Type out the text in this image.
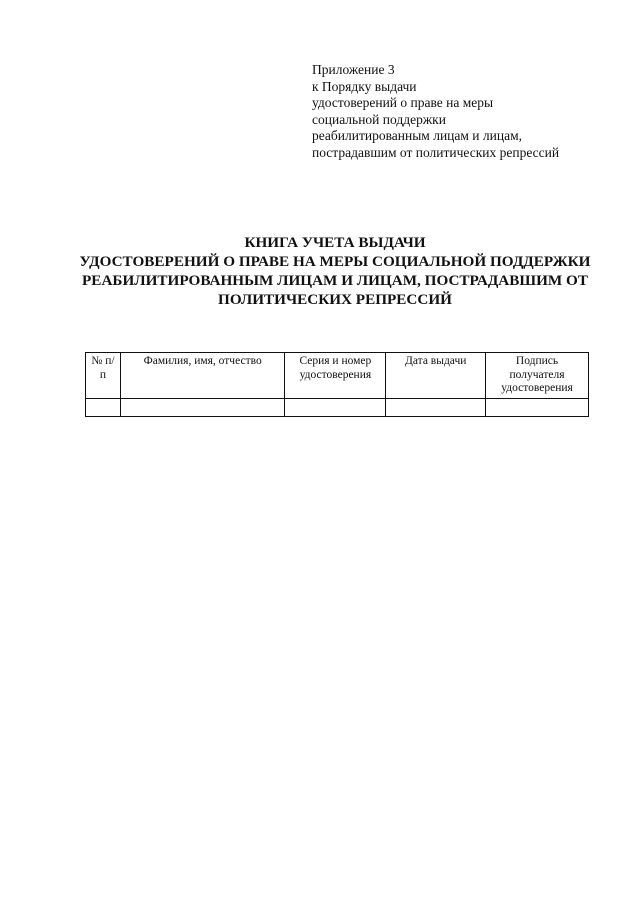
Приложение 3
к Порядку выдачи
удостоверений о праве на меры
социальной поддержки
реабилитированным лицам и лицам,
пострадавшим от политических репрессий
КНИГА УЧЕТА ВЫДАЧИ
УДОСТОВЕРЕНИЙ О ПРАВЕ НА МЕРЫ СОЦИАЛЬНОЙ ПОДДЕРЖКИ
РЕАБИЛИТИРОВАННЫМ ЛИЦАМ И ЛИЦАМ, ПОСТРАДАВШИМ ОТ
ПОЛИТИЧЕСКИХ РЕПРЕССИЙ
№ п/п	Фамилия, имя, отчество	Серия и номер удостоверения	Дата выдачи	Подпись получателя удостоверения
